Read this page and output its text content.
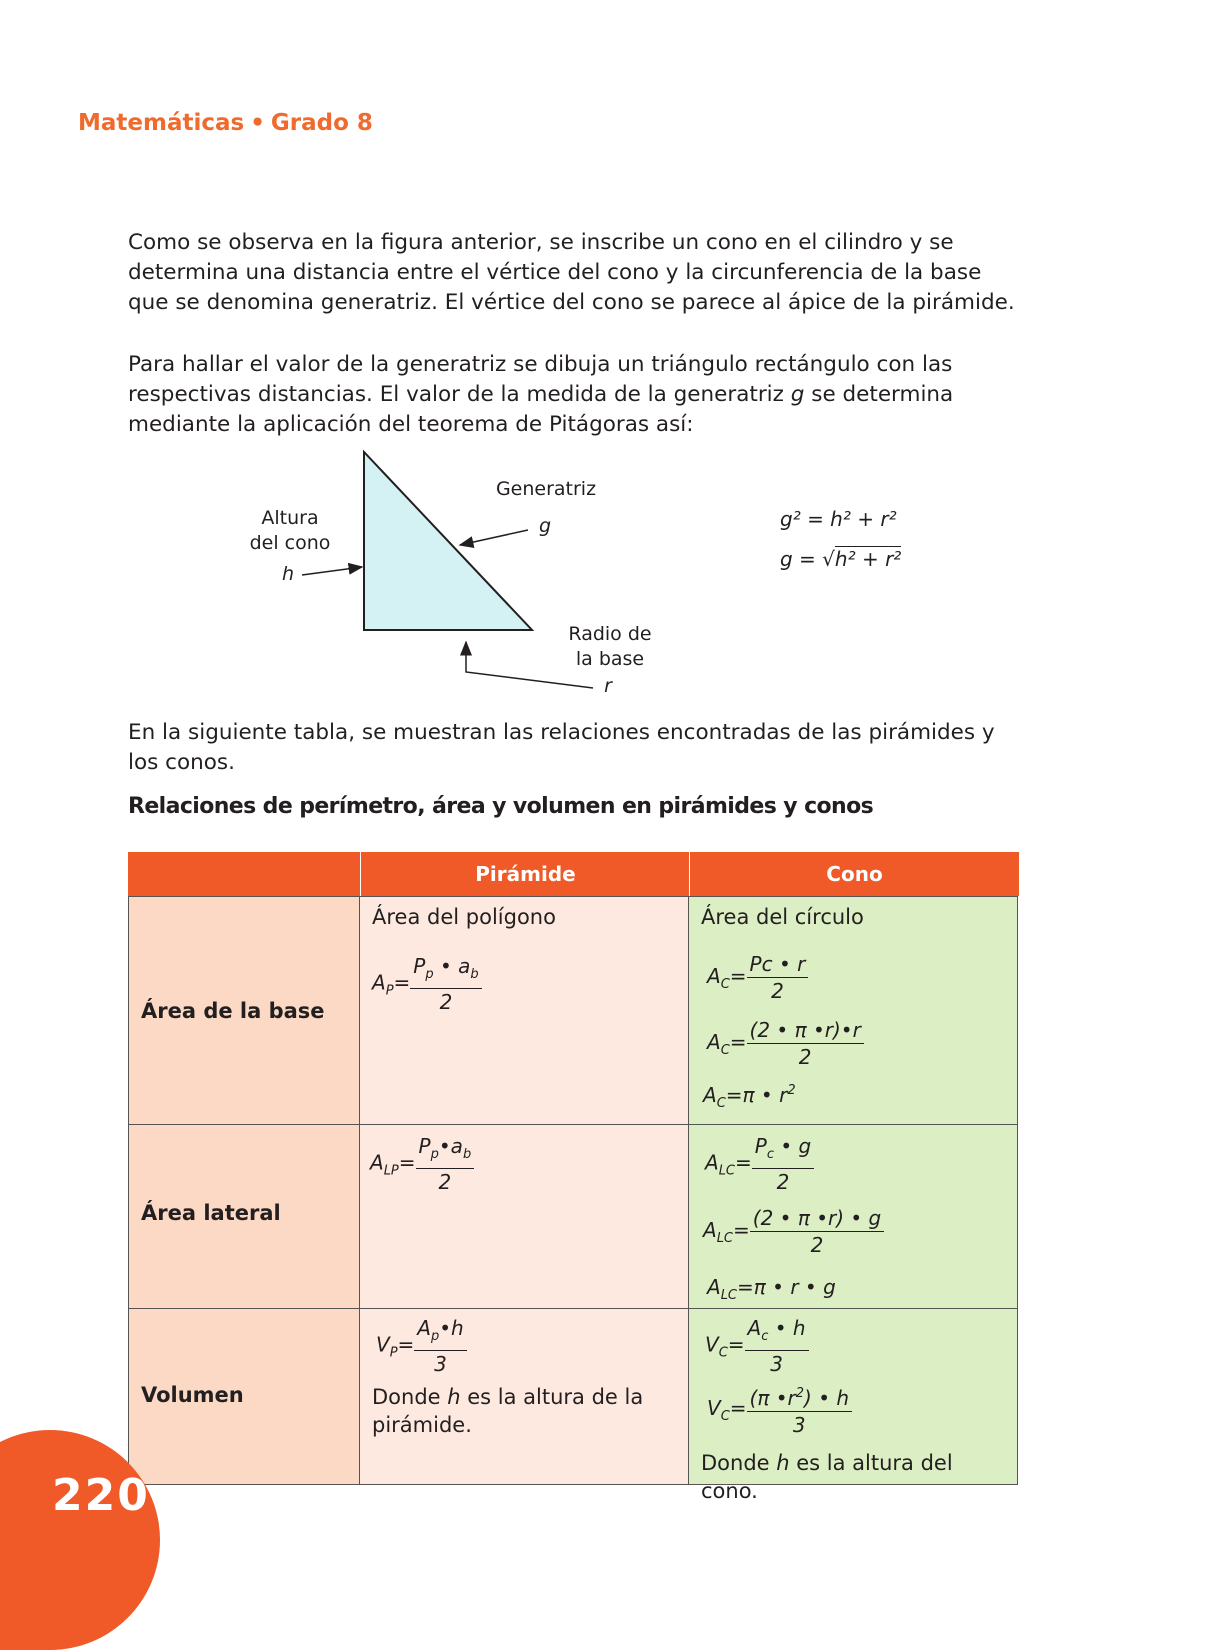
Matemáticas • Grado 8

Como se observa en la figura anterior, se inscribe un cono en el cilindro y se determina una distancia entre el vértice del cono y la circunferencia de la base que se denomina generatriz. El vértice del cono se parece al ápice de la pirámide.

Para hallar el valor de la generatriz se dibuja un triángulo rectángulo con las respectivas distancias. El valor de la medida de la generatriz g se determina mediante la aplicación del teorema de Pitágoras así:

Altura
del cono
h
Generatriz
g
Radio de
la base
r
g² = h² + r²
g = √h² + r²

En la siguiente tabla, se muestran las relaciones encontradas de las pirámides y los conos.

Relaciones de perímetro, área y volumen en pirámides y conos
Pirámide	Cono
Área de la base
Área del polígono
$A_P= \frac{P_p • a_b}{2}$
Área del círculo
$A_C= \frac{Pc • r}{2}$
$A_C= \frac{(2 • \pi •r)•r}{2}$
$A_C=\pi$ • $r^2$
Área lateral
$A_{LP}= \frac{P_p•a_b}{2}$	$A_{LC}= \frac{P_c • g}{2}$
$A_{LC}= \frac{(2 • \pi •r) • g}{2}$
$A_{LC}=\pi$ • r • g
Volumen
$V_P= \frac{A_p•h}{3}$
Donde h es la altura de la pirámide.
$V_C= \frac{A_c • h}{3}$
$V_C= \frac{(\pi •r^2) • h}{3}$
Donde h es la altura del cono.
220
